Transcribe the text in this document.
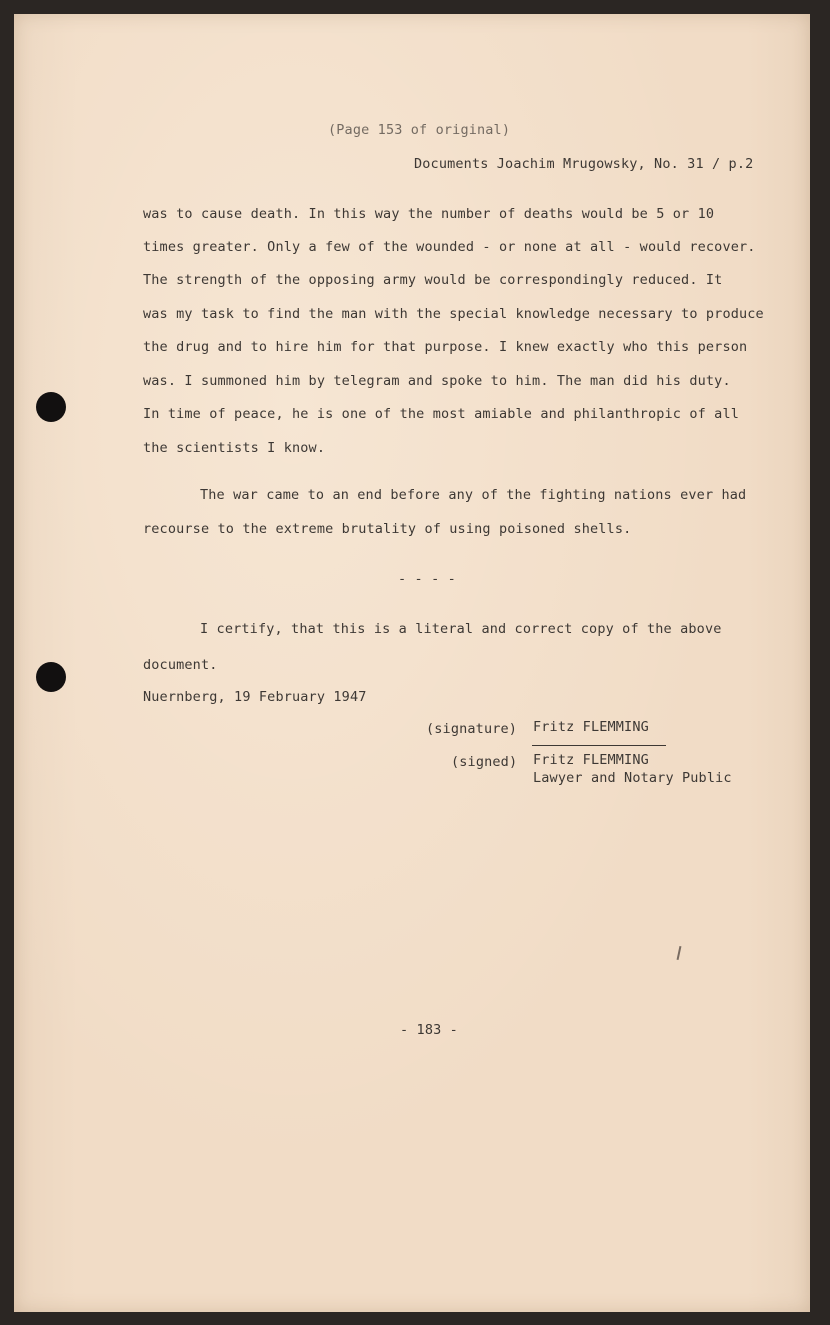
(Page 153 of original)
Documents Joachim Mrugowsky, No. 31 / p.2
was to cause death. In this way the number of deaths would be 5 or 10
times greater. Only a few of the wounded - or none at all - would recover.
The strength of the opposing army would be correspondingly reduced. It
was my task to find the man with the special knowledge necessary to produce
the drug and to hire him for that purpose. I knew exactly who this person
was. I summoned him by telegram and spoke to him. The man did his duty.
In time of peace, he is one of the most amiable and philanthropic of all
the scientists I know.
The war came to an end before any of the fighting nations ever had
recourse to the extreme brutality of using poisoned shells.
- - - -
I certify, that this is a literal and correct copy of the above
document.
Nuernberg, 19 February 1947
(signature) Fritz FLEMMING
(signed) Fritz FLEMMING
Lawyer and Notary Public
- 183 -
